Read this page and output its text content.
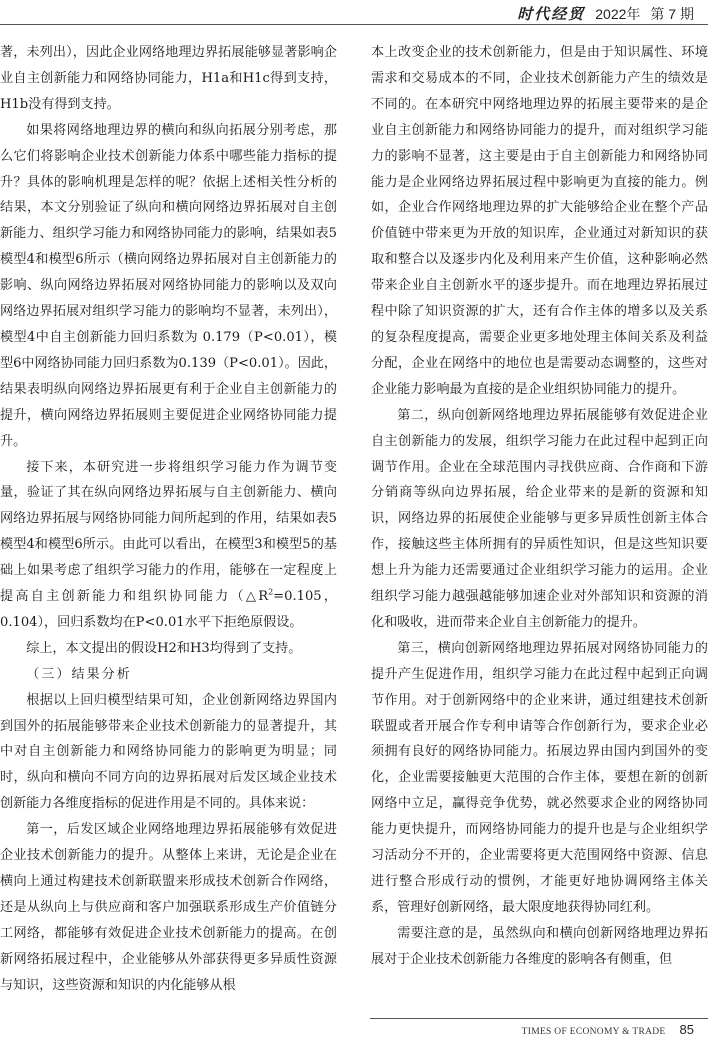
时代经贸 2022年 第 7 期

著，未列出），因此企业网络地理边界拓展能够显著影响企业自主创新能力和网络协同能力，H1a和H1c得到支持，H1b没有得到支持。

如果将网络地理边界的横向和纵向拓展分别考虑，那么它们将影响企业技术创新能力体系中哪些能力指标的提升？具体的影响机理是怎样的呢？依据上述相关性分析的结果，本文分别验证了纵向和横向网络边界拓展对自主创新能力、组织学习能力和网络协同能力的影响，结果如表5模型4和模型6所示（横向网络边界拓展对自主创新能力的影响、纵向网络边界拓展对网络协同能力的影响以及双向网络边界拓展对组织学习能力的影响均不显著，未列出），模型4中自主创新能力回归系数为 0.179（P<0.01），模型6中网络协同能力回归系数为0.139（P<0.01）。因此，结果表明纵向网络边界拓展更有利于企业自主创新能力的提升，横向网络边界拓展则主要促进企业网络协同能力提升。

接下来，本研究进一步将组织学习能力作为调节变量，验证了其在纵向网络边界拓展与自主创新能力、横向网络边界拓展与网络协同能力间所起到的作用，结果如表5模型4和模型6所示。由此可以看出，在模型3和模型5的基础上如果考虑了组织学习能力的作用，能够在一定程度上提高自主创新能力和组织协同能力（$\triangle R^2=0.105$，0.104），回归系数均在P<0.01水平下拒绝原假设。

综上，本文提出的假设H2和H3均得到了支持。

（三）结果分析

根据以上回归模型结果可知，企业创新网络边界国内到国外的拓展能够带来企业技术创新能力的显著提升，其中对自主创新能力和网络协同能力的影响更为明显；同时，纵向和横向不同方向的边界拓展对后发区域企业技术创新能力各维度指标的促进作用是不同的。具体来说：

第一，后发区域企业网络地理边界拓展能够有效促进企业技术创新能力的提升。从整体上来讲，无论是企业在横向上通过构建技术创新联盟来形成技术创新合作网络，还是从纵向上与供应商和客户加强联系形成生产价值链分工网络，都能够有效促进企业技术创新能力的提高。在创新网络拓展过程中，企业能够从外部获得更多异质性资源与知识，这些资源和知识的内化能够从根

本上改变企业的技术创新能力，但是由于知识属性、环境需求和交易成本的不同，企业技术创新能力产生的绩效是不同的。在本研究中网络地理边界的拓展主要带来的是企业自主创新能力和网络协同能力的提升，而对组织学习能力的影响不显著，这主要是由于自主创新能力和网络协同能力是企业网络边界拓展过程中影响更为直接的能力。例如，企业合作网络地理边界的扩大能够给企业在整个产品价值链中带来更为开放的知识库，企业通过对新知识的获取和整合以及逐步内化及利用来产生价值，这种影响必然带来企业自主创新水平的逐步提升。而在地理边界拓展过程中除了知识资源的扩大，还有合作主体的增多以及关系的复杂程度提高，需要企业更多地处理主体间关系及利益分配，企业在网络中的地位也是需要动态调整的，这些对企业能力影响最为直接的是企业组织协同能力的提升。

第二，纵向创新网络地理边界拓展能够有效促进企业自主创新能力的发展，组织学习能力在此过程中起到正向调节作用。企业在全球范围内寻找供应商、合作商和下游分销商等纵向边界拓展，给企业带来的是新的资源和知识，网络边界的拓展使企业能够与更多异质性创新主体合作，接触这些主体所拥有的异质性知识，但是这些知识要想上升为能力还需要通过企业组织学习能力的运用。企业组织学习能力越强越能够加速企业对外部知识和资源的消化和吸收，进而带来企业自主创新能力的提升。

第三，横向创新网络地理边界拓展对网络协同能力的提升产生促进作用，组织学习能力在此过程中起到正向调节作用。对于创新网络中的企业来讲，通过组建技术创新联盟或者开展合作专利申请等合作创新行为，要求企业必须拥有良好的网络协同能力。拓展边界由国内到国外的变化，企业需要接触更大范围的合作主体，要想在新的创新网络中立足，赢得竞争优势，就必然要求企业的网络协同能力更快提升，而网络协同能力的提升也是与企业组织学习活动分不开的，企业需要将更大范围网络中资源、信息进行整合形成行动的惯例，才能更好地协调网络主体关系，管理好创新网络，最大限度地获得协同红利。

需要注意的是，虽然纵向和横向创新网络地理边界拓展对于企业技术创新能力各维度的影响各有侧重，但

TIMES OF ECONOMY & TRADE 85
